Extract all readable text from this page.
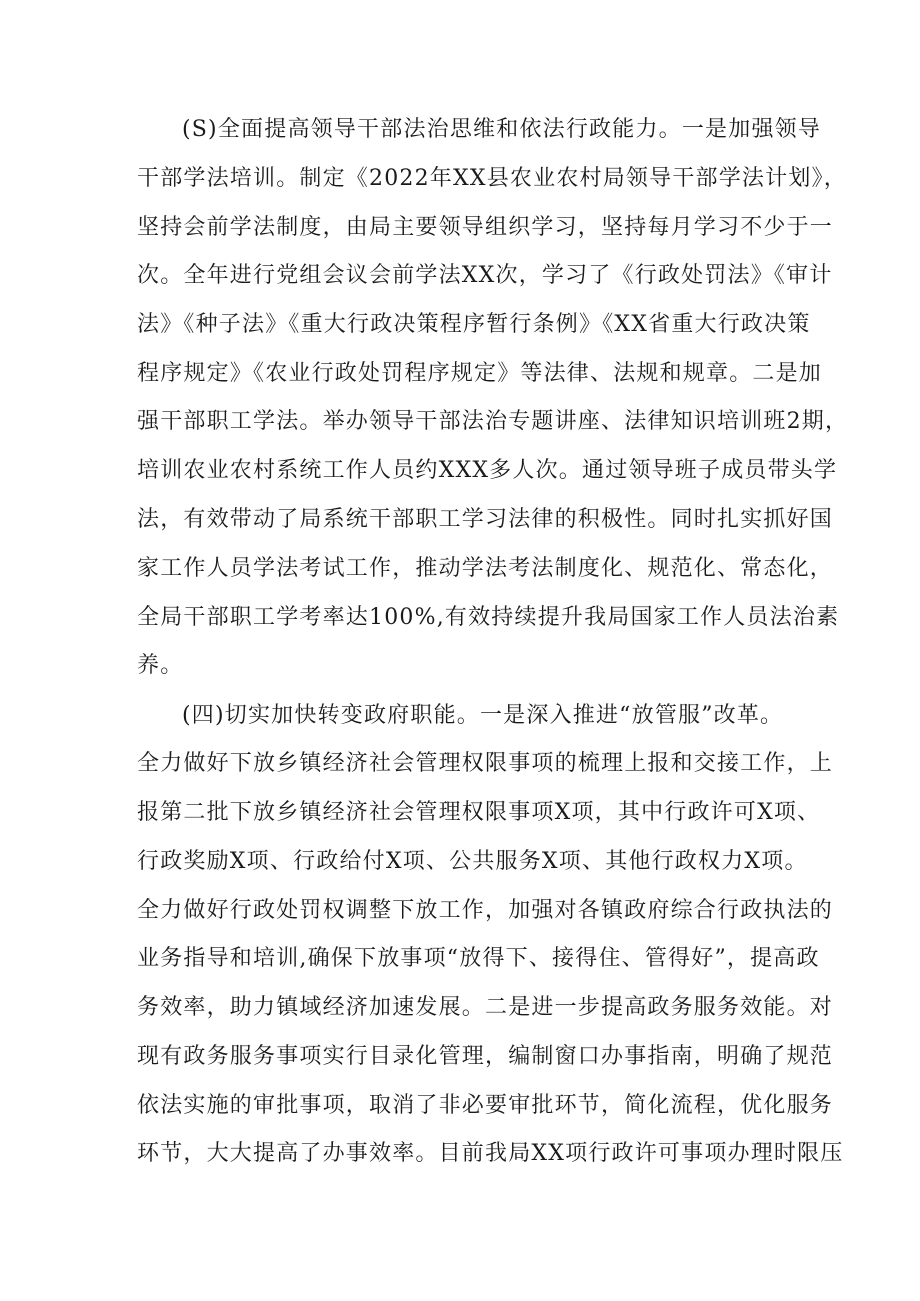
(S)全面提高领导干部法治思维和依法行政能力。一是加强领导
干部学法培训。制定《2022年XX县农业农村局领导干部学法计划》，
坚持会前学法制度，由局主要领导组织学习，坚持每月学习不少于一
次。全年进行党组会议会前学法XX次，学习了《行政处罚法》《审计
法》《种子法》《重大行政决策程序暂行条例》《XX省重大行政决策
程序规定》《农业行政处罚程序规定》等法律、法规和规章。二是加
强干部职工学法。举办领导干部法治专题讲座、法律知识培训班2期，
培训农业农村系统工作人员约XXX多人次。通过领导班子成员带头学
法，有效带动了局系统干部职工学习法律的积极性。同时扎实抓好国
家工作人员学法考试工作，推动学法考法制度化、规范化、常态化，
全局干部职工学考率达100%,有效持续提升我局国家工作人员法治素
养。
(四)切实加快转变政府职能。一是深入推进“放管服”改革。
全力做好下放乡镇经济社会管理权限事项的梳理上报和交接工作，上
报第二批下放乡镇经济社会管理权限事项X项，其中行政许可X项、
行政奖励X项、行政给付X项、公共服务X项、其他行政权力X项。
全力做好行政处罚权调整下放工作，加强对各镇政府综合行政执法的
业务指导和培训,确保下放事项“放得下、接得住、管得好”，提高政
务效率，助力镇域经济加速发展。二是进一步提高政务服务效能。对
现有政务服务事项实行目录化管理，编制窗口办事指南，明确了规范
依法实施的审批事项，取消了非必要审批环节，简化流程，优化服务
环节，大大提高了办事效率。目前我局XX项行政许可事项办理时限压
